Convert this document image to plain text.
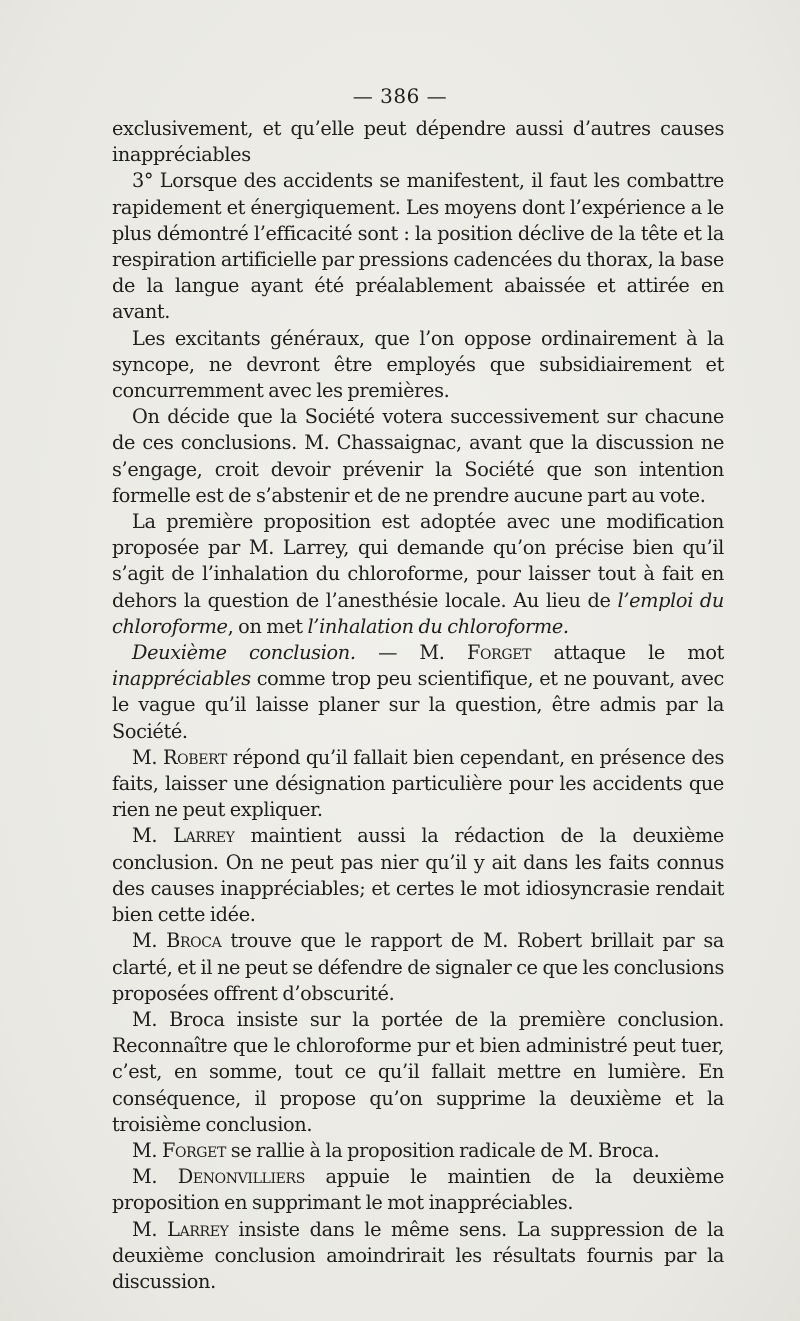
— 386 —

exclusivement, et qu’elle peut dépendre aussi d’autres causes inappréciables

3° Lorsque des accidents se manifestent, il faut les combattre rapidement et énergiquement. Les moyens dont l’expérience a le plus démontré l’efficacité sont : la position déclive de la tête et la respiration artificielle par pressions cadencées du thorax, la base de la langue ayant été préalablement abaissée et attirée en avant.

Les excitants généraux, que l’on oppose ordinairement à la syncope, ne devront être employés que subsidiairement et concurremment avec les premières.

On décide que la Société votera successivement sur chacune de ces conclusions. M. Chassaignac, avant que la discussion ne s’engage, croit devoir prévenir la Société que son intention formelle est de s’abstenir et de ne prendre aucune part au vote.

La première proposition est adoptée avec une modification proposée par M. Larrey, qui demande qu’on précise bien qu’il s’agit de l’inhalation du chloroforme, pour laisser tout à fait en dehors la question de l’anesthésie locale. Au lieu de l’emploi du chloroforme, on met l’inhalation du chloroforme.

Deuxième conclusion. — M. Forget attaque le mot inappréciables comme trop peu scientifique, et ne pouvant, avec le vague qu’il laisse planer sur la question, être admis par la Société.

M. Robert répond qu’il fallait bien cependant, en présence des faits, laisser une désignation particulière pour les accidents que rien ne peut expliquer.

M. Larrey maintient aussi la rédaction de la deuxième conclusion. On ne peut pas nier qu’il y ait dans les faits connus des causes inappréciables; et certes le mot idiosyncrasie rendait bien cette idée.

M. Broca trouve que le rapport de M. Robert brillait par sa clarté, et il ne peut se défendre de signaler ce que les conclusions proposées offrent d’obscurité.

M. Broca insiste sur la portée de la première conclusion. Reconnaître que le chloroforme pur et bien administré peut tuer, c’est, en somme, tout ce qu’il fallait mettre en lumière. En conséquence, il propose qu’on supprime la deuxième et la troisième conclusion.

M. Forget se rallie à la proposition radicale de M. Broca.

M. Denonvilliers appuie le maintien de la deuxième proposition en supprimant le mot inappréciables.

M. Larrey insiste dans le même sens. La suppression de la deuxième conclusion amoindrirait les résultats fournis par la discussion.
